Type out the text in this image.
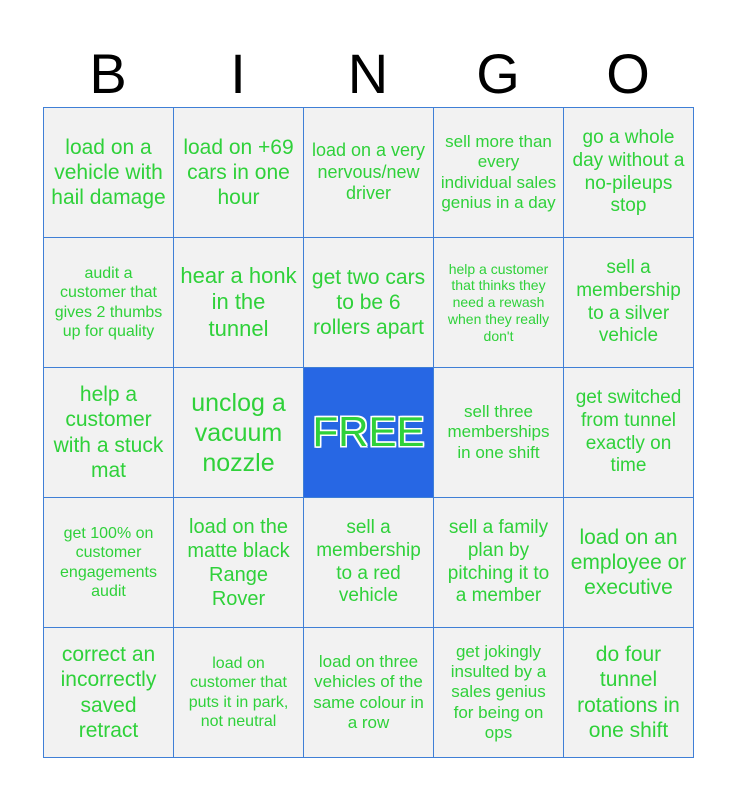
B	I	N	G	O
load on a vehicle with hail damage
load on +69 cars in one hour
load on a very nervous/new driver
sell more than every individual sales genius in a day
go a whole day without a no-pileups stop
audit a customer that gives 2 thumbs up for quality
hear a honk in the tunnel
get two cars to be 6 rollers apart
help a customer that thinks they need a rewash when they really don't
sell a membership to a silver vehicle
help a customer with a stuck mat
unclog a vacuum nozzle
FREE	sell three memberships in one shift
get switched from tunnel exactly on time
get 100% on customer engagements audit
load on the matte black Range Rover
sell a membership to a red vehicle
sell a family plan by pitching it to a member
load on an employee or executive
correct an incorrectly saved retract
load on customer that puts it in park, not neutral
load on three vehicles of the same colour in a row
get jokingly insulted by a sales genius for being on ops
do four tunnel rotations in one shift
